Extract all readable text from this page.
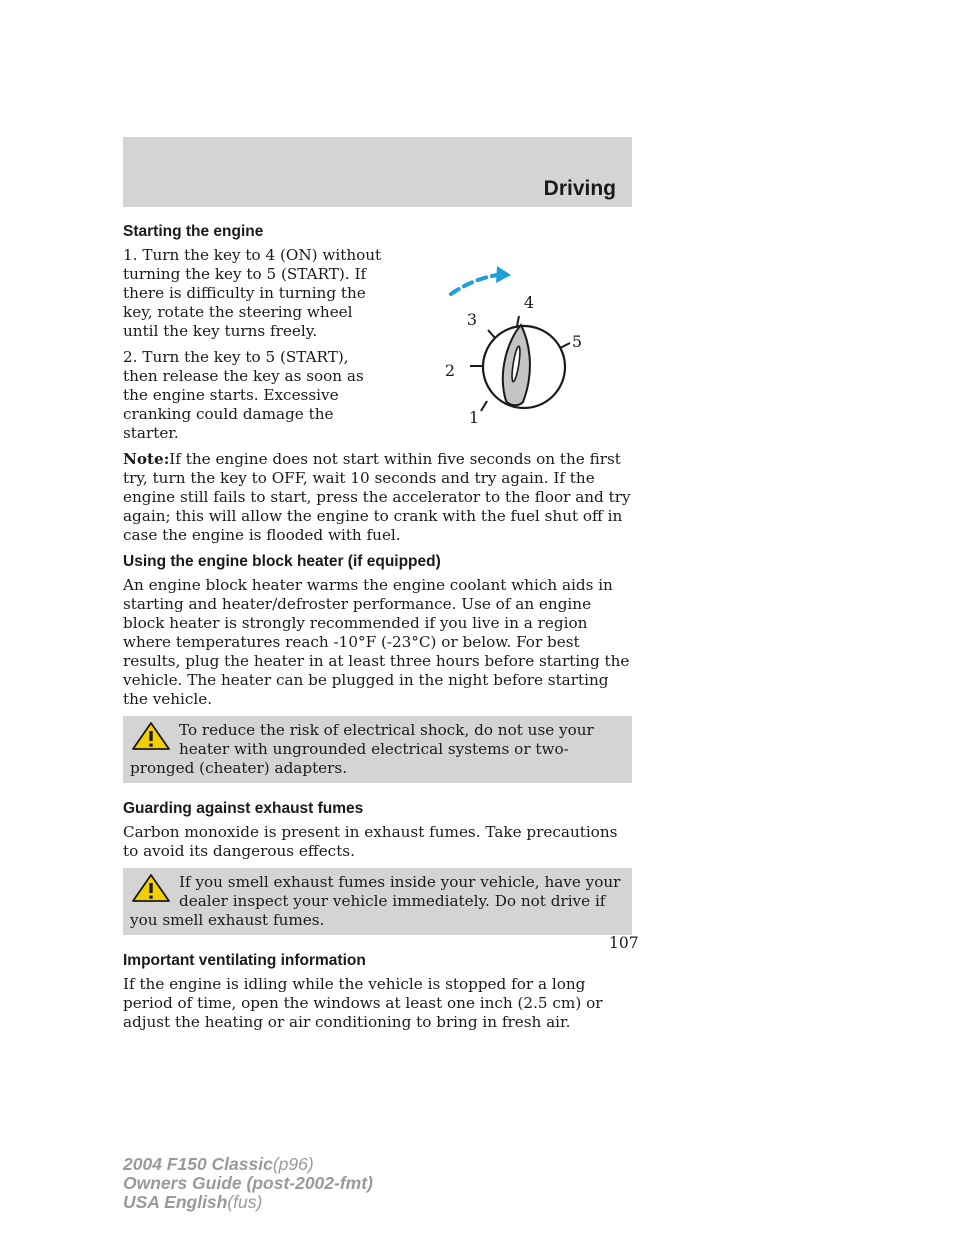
Driving
Starting the engine

1. Turn the key to 4 (ON) without turning the key to 5 (START). If there is difficulty in turning the key, rotate the steering wheel until the key turns freely.

2. Turn the key to 5 (START), then release the key as soon as the engine starts. Excessive cranking could damage the starter.

1
2
3
4
5

Note:If the engine does not start within five seconds on the first try, turn the key to OFF, wait 10 seconds and try again. If the engine still fails to start, press the accelerator to the floor and try again; this will allow the engine to crank with the fuel shut off in case the engine is flooded with fuel.

Using the engine block heater (if equipped)

An engine block heater warms the engine coolant which aids in starting and heater/defroster performance. Use of an engine block heater is strongly recommended if you live in a region where temperatures reach -10°F (-23°C) or below. For best results, plug the heater in at least three hours before starting the vehicle. The heater can be plugged in the night before starting the vehicle.

To reduce the risk of electrical shock, do not use your heater with ungrounded electrical systems or two-pronged (cheater) adapters.

Guarding against exhaust fumes

Carbon monoxide is present in exhaust fumes. Take precautions to avoid its dangerous effects.

If you smell exhaust fumes inside your vehicle, have your dealer inspect your vehicle immediately. Do not drive if you smell exhaust fumes.

Important ventilating information

If the engine is idling while the vehicle is stopped for a long period of time, open the windows at least one inch (2.5 cm) or adjust the heating or air conditioning to bring in fresh air.

107
2004 F150 Classic(p96)
Owners Guide (post-2002-fmt)
USA English(fus)
